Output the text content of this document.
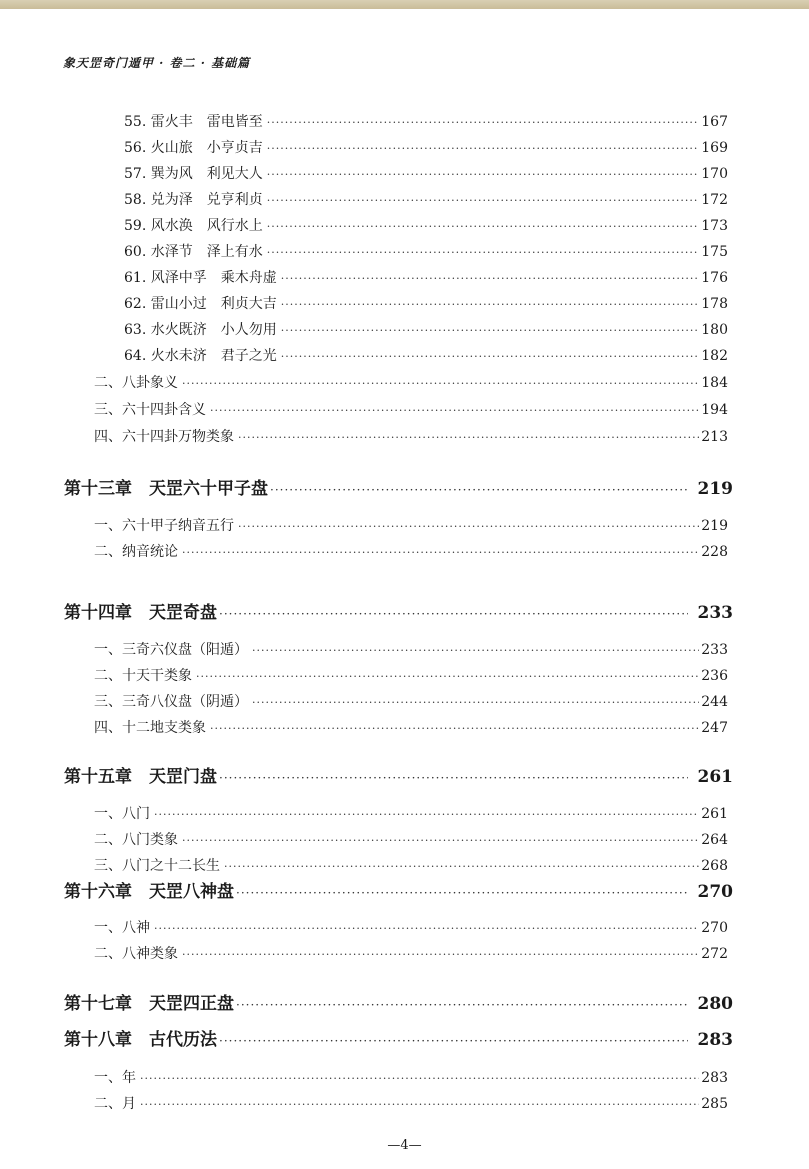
象天罡奇门遁甲 · 卷二 · 基础篇
55. 雷火丰　雷电皆至 ·····	167
56. 火山旅　小亨贞吉 ·····	169
57. 巽为风　利见大人 ·····	170
58. 兑为泽　兑亨利贞 ·····	172
59. 风水涣　风行水上 ·····	173
60. 水泽节　泽上有水 ·····	175
61. 风泽中孚　乘木舟虚 ·····	176
62. 雷山小过　利贞大吉 ·····	178
63. 水火既济　小人勿用 ·····	180
64. 火水未济　君子之光 ·····	182
二、八卦象义 ·····	184
三、六十四卦含义 ·····	194
四、六十四卦万物类象 ·····	213
第十三章　天罡六十甲子盘 ·····	219
一、六十甲子纳音五行 ·····	219
二、纳音统论 ·····	228
第十四章　天罡奇盘 ·····	233
一、三奇六仪盘（阳遁） ·····	233
二、十天干类象 ·····	236
三、三奇八仪盘（阴遁） ·····	244
四、十二地支类象 ·····	247
第十五章　天罡门盘 ·····	261
一、八门 ·····	261
二、八门类象 ·····	264
三、八门之十二长生 ·····	268
第十六章　天罡八神盘 ·····	270
一、八神 ·····	270
二、八神类象 ·····	272
第十七章　天罡四正盘 ·····	280
第十八章　古代历法 ·····	283
一、年 ·····	283
二、月 ·····	285
—4—
